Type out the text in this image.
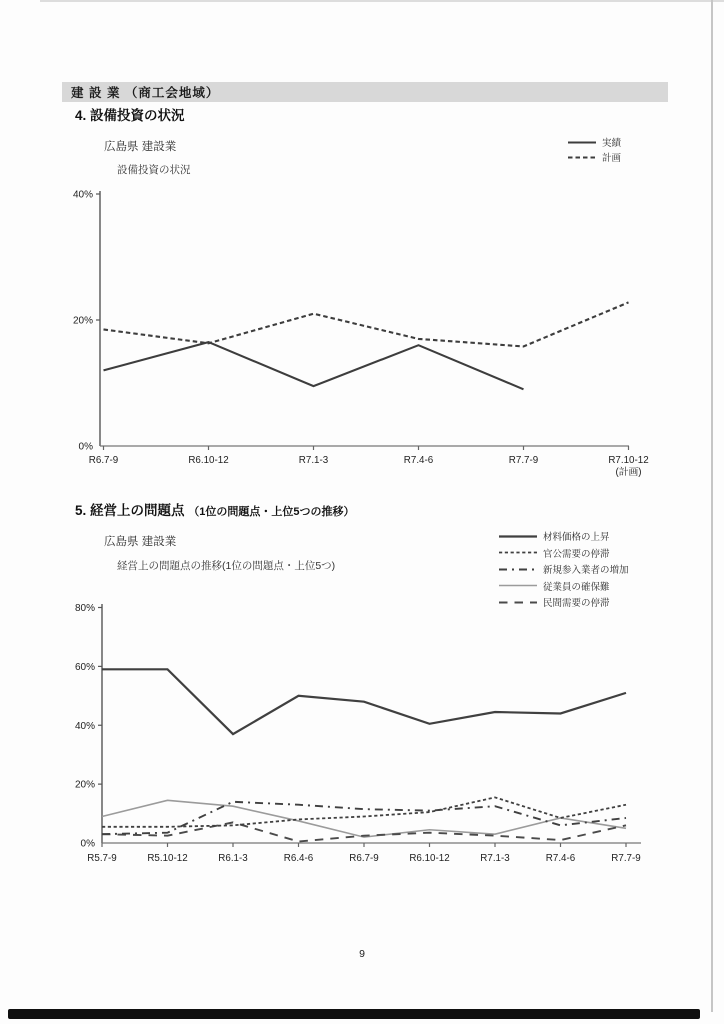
建 設 業 （商工会地域）
4. 設備投資の状況
広島県 建設業
設備投資の状況
実績
計画
5. 経営上の問題点 （1位の問題点・上位5つの推移）
広島県 建設業
経営上の問題点の推移(1位の問題点・上位5つ)
材料価格の上昇
官公需要の停滞
新規参入業者の増加
従業員の確保難
民間需要の停滞
0%
20%
40%
R6.7-9	R6.10-12	R7.1-3	R7.4-6	R7.7-9	R7.10-12
(計画)
0%
20%
40%
60%
80%
R5.7-9	R5.10-12	R6.1-3	R6.4-6	R6.7-9	R6.10-12	R7.1-3	R7.4-6	R7.7-9
9
